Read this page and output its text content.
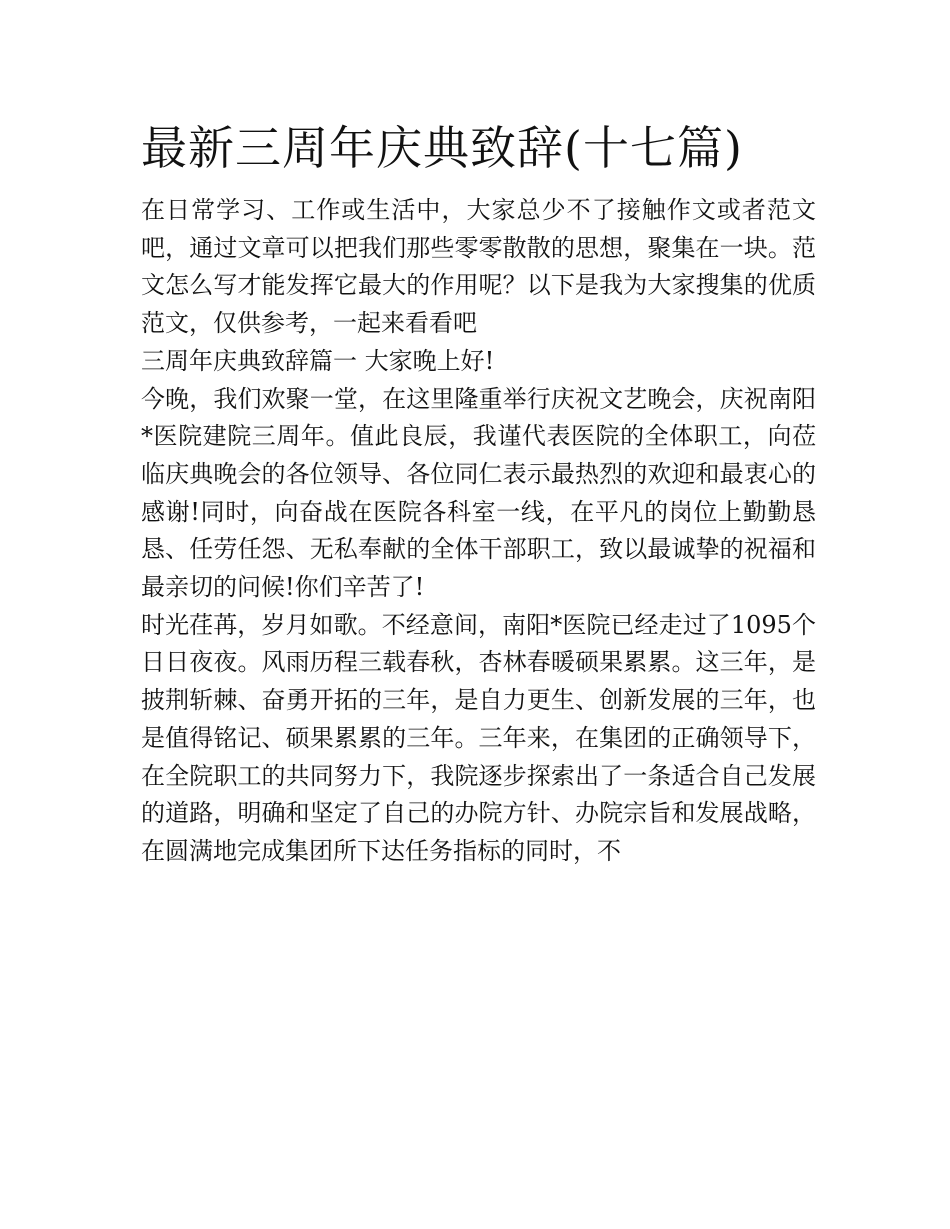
最新三周年庆典致辞(十七篇)

在日常学习、工作或生活中，大家总少不了接触作文或者范文吧，通过文章可以把我们那些零零散散的思想，聚集在一块。范文怎么写才能发挥它最大的作用呢？以下是我为大家搜集的优质范文，仅供参考，一起来看看吧

三周年庆典致辞篇一 大家晚上好!

今晚，我们欢聚一堂，在这里隆重举行庆祝文艺晚会，庆祝南阳*医院建院三周年。值此良辰，我谨代表医院的全体职工，向莅临庆典晚会的各位领导、各位同仁表示最热烈的欢迎和最衷心的感谢!同时，向奋战在医院各科室一线，在平凡的岗位上勤勤恳恳、任劳任怨、无私奉献的全体干部职工，致以最诚挚的祝福和最亲切的问候!你们辛苦了!

时光荏苒，岁月如歌。不经意间，南阳*医院已经走过了1095个日日夜夜。风雨历程三载春秋，杏林春暖硕果累累。这三年，是披荆斩棘、奋勇开拓的三年，是自力更生、创新发展的三年，也是值得铭记、硕果累累的三年。三年来，在集团的正确领导下，在全院职工的共同努力下，我院逐步探索出了一条适合自己发展的道路，明确和坚定了自己的办院方针、办院宗旨和发展战略，在圆满地完成集团所下达任务指标的同时，不
